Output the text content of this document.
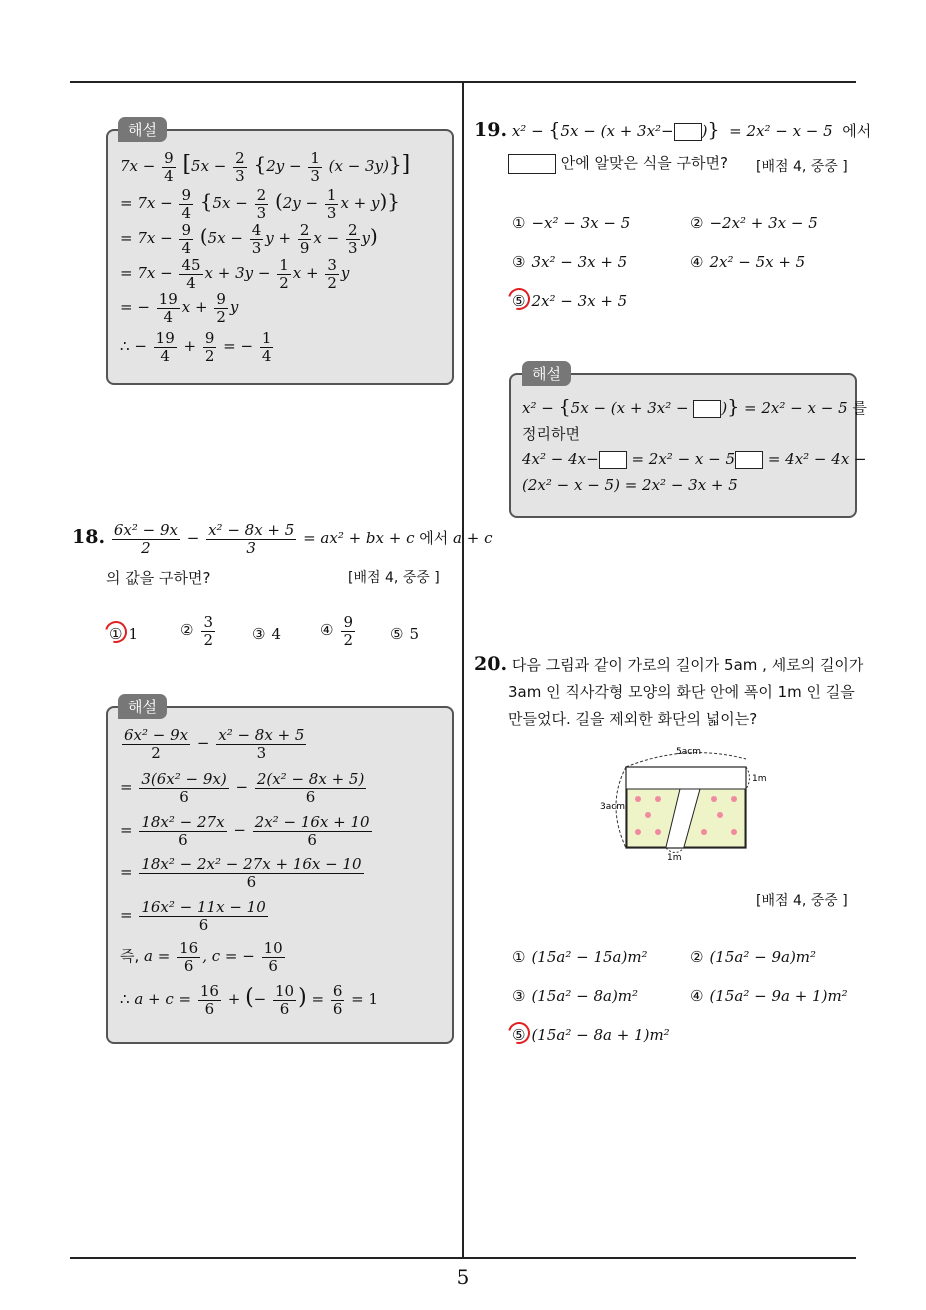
해설
$7x - \frac{9}{4} [5x - \frac{2}{3} \{2y - \frac{1}{3} (x - 3y)\}]$
= $7x - \frac{9}{4} \{5x - \frac{2}{3} (2y - \frac{1}{3}$ x + y)}
= $7x - \frac{9}{4} (5x - \frac{4}{3}$ $y + \frac{2}{9}$ $x - \frac{2}{3} y$)
= $7x - \frac{45}{4}$ $x + 3y - \frac{1}{2}$ $x + \frac{3}{2}$ y
= − $\frac{19}{4}$ $x + \frac{9}{2}$ y
∴ − $\frac{19}{4} + \frac{9}{2}$ = − $\frac{1}{4}$
18. $\frac{\text{6x² − 9x}}{2} - \frac{\text{x² − 8x + 5}}{3} = ax^2$ + bx + c 에서 a + c
의 값을 구하면?	[배점 4, 중중 ]
① 1	② $\frac{3}{2}$ ③ 4	④ $\frac{9}{2}$ ⑤ 5
해설
$\frac{\text{6x² − 9x}}{2} - \frac{\text{x² − 8x + 5}}{3}$
= $\frac{\text{3(6x² − 9x)}}{6} - \frac{\text{2(x² − 8x + 5)}}{6}$
= $\frac{\text{18x² − 27x}}{6} - \frac{\text{2x² − 16x + 10}}{6}$
= $\frac{\text{18x² − 2x² − 27x + 16x − 10}}{6}$
= $\frac{\text{16x² − 11x − 10}}{6}$
즉, $a = \frac{16}{6}$ , c = − $\frac{10}{6}$
∴ $a + c = \frac{16}{6}$ + (− $\frac{10}{6}$ ) = $\frac{6}{6} = 1$
19. x² − {5x − (x + 3x²− )}  = 2x² − x − 5  에서
안에 알맞은 식을 구하면? [배점 4, 중중 ]
① −x² − 3x − 5	② −2x² + 3x − 5
③ 3x² − 3x + 5	④ 2x² − 5x + 5
⑤ 2x² − 3x + 5
해설
x² − {5x − (x + 3x² − )} = 2x² − x − 5 를
정리하면
4x² − 4x− = 2x² − x − 5 = 4x² − 4x −
(2x² − x − 5) = 2x² − 3x + 5
20. 다음 그림과 같이 가로의 길이가 5am , 세로의 길이가
3am 인 직사각형 모양의 화단 안에 폭이 1m 인 길을
만들었다. 길을 제외한 화단의 넓이는?
5acm
3acm
1m
1m
[배점 4, 중중 ]
① (15a² − 15a)m²	② (15a² − 9a)m²
③ (15a² − 8a)m²	④ (15a² − 9a + 1)m²
⑤ (15a² − 8a + 1)m²
5
